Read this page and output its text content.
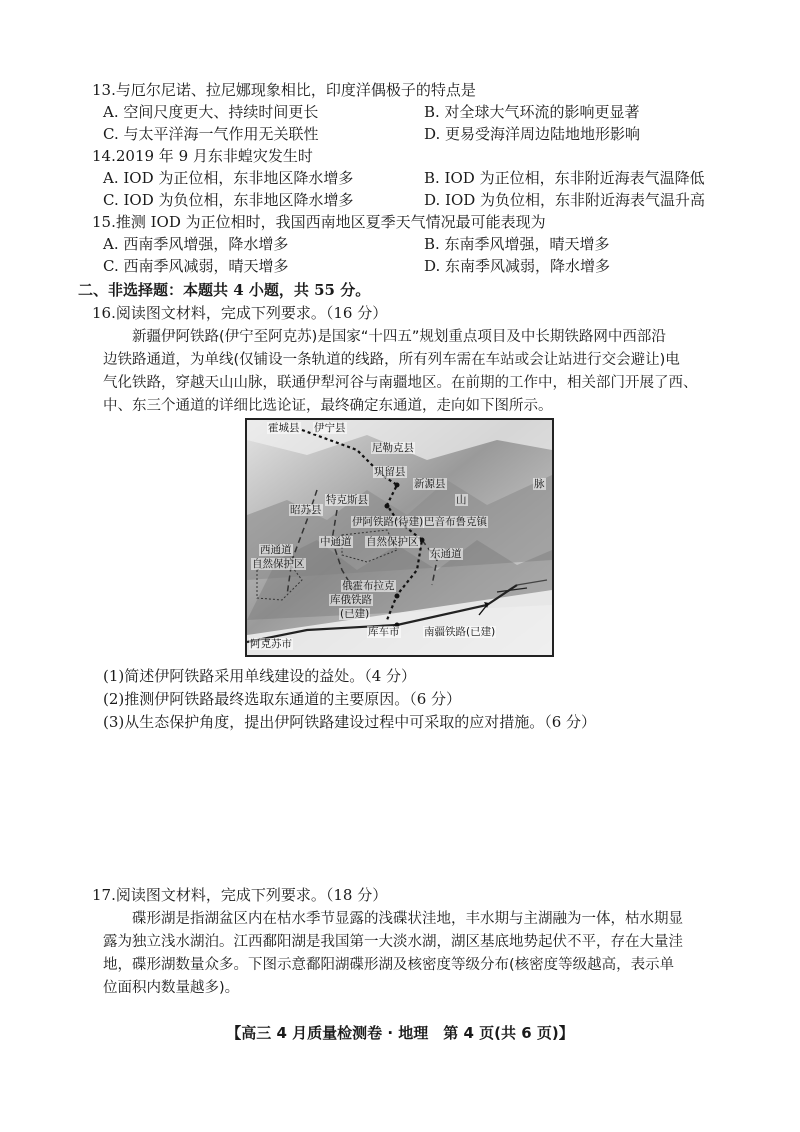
13.与厄尔尼诺、拉尼娜现象相比，印度洋偶极子的特点是
A. 空间尺度更大、持续时间更长	B. 对全球大气环流的影响更显著
C. 与太平洋海一气作用无关联性	D. 更易受海洋周边陆地地形影响
14.2019 年 9 月东非蝗灾发生时
A. IOD 为正位相，东非地区降水增多	B. IOD 为正位相，东非附近海表气温降低
C. IOD 为负位相，东非地区降水增多	D. IOD 为负位相，东非附近海表气温升高
15.推测 IOD 为正位相时，我国西南地区夏季天气情况最可能表现为
A. 西南季风增强，降水增多	B. 东南季风增强，晴天增多
C. 西南季风减弱，晴天增多	D. 东南季风减弱，降水增多
二、非选择题：本题共 4 小题，共 55 分。
16.阅读图文材料，完成下列要求。（16 分）
新疆伊阿铁路(伊宁至阿克苏)是国家“十四五”规划重点项目及中长期铁路网中西部沿
边铁路通道，为单线(仅铺设一条轨道的线路，所有列车需在车站或会让站进行交会避让)电
气化铁路，穿越天山山脉，联通伊犁河谷与南疆地区。在前期的工作中，相关部门开展了西、
中、东三个通道的详细比选论证，最终确定东通道，走向如下图所示。
霍城县 伊宁县
尼勒克县
巩留县
新源县
山
脉
特克斯县
昭苏县
伊阿铁路(待建) 巴音布鲁克镇
中通道 自然保护区
西通道	东通道
自然保护区
俄霍布拉克
库俄铁路
(已建)
库车市 南疆铁路(已建)
阿克苏市
(1)简述伊阿铁路采用单线建设的益处。（4 分）
(2)推测伊阿铁路最终选取东通道的主要原因。（6 分）
(3)从生态保护角度，提出伊阿铁路建设过程中可采取的应对措施。（6 分）
17.阅读图文材料，完成下列要求。（18 分）
碟形湖是指湖盆区内在枯水季节显露的浅碟状洼地，丰水期与主湖融为一体，枯水期显
露为独立浅水湖泊。江西鄱阳湖是我国第一大淡水湖，湖区基底地势起伏不平，存在大量洼
地，碟形湖数量众多。下图示意鄱阳湖碟形湖及核密度等级分布(核密度等级越高，表示单
位面积内数量越多)。
【高三 4 月质量检测卷 · 地理　第 4 页(共 6 页)】
